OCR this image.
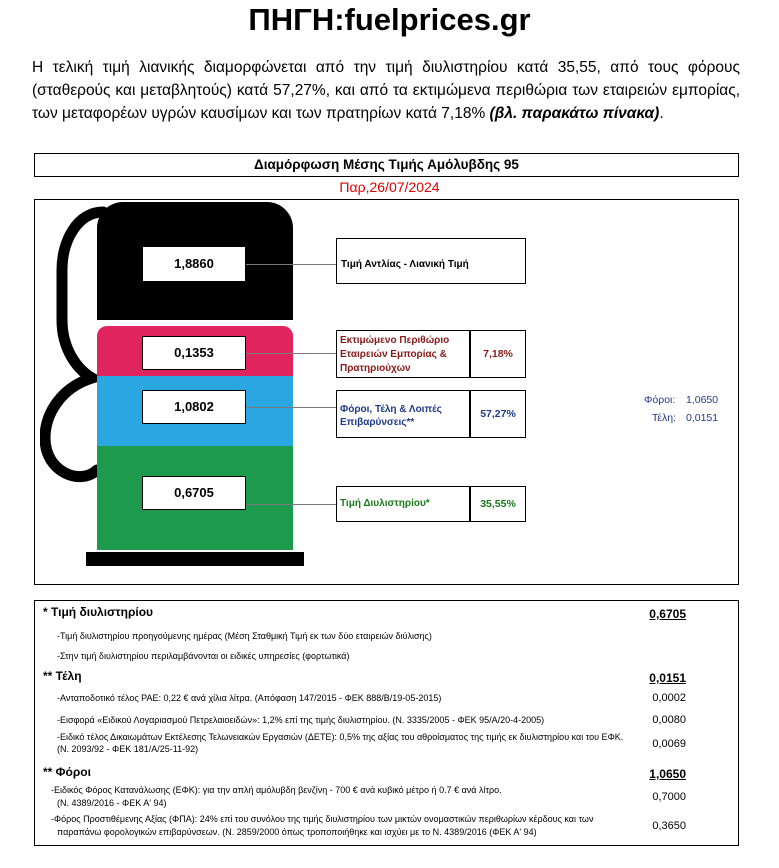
ΠΗΓΗ:fuelprices.gr
Η τελική τιμή λιανικής διαμορφώνεται από την τιμή διυλιστηρίου κατά 35,55, από τους φόρους (σταθερούς και μεταβλητούς) κατά 57,27%, και από τα εκτιμώμενα περιθώρια των εταιρειών εμπορίας, των μεταφορέων υγρών καυσίμων και των πρατηρίων κατά 7,18% (βλ. παρακάτω πίνακα).
Διαμόρφωση Μέσης Τιμής Αμόλυβδης 95
Παρ,26/07/2024
1,8860
0,1353
1,0802
0,6705
Τιμή Αντλίας - Λιανική Τιμή
Εκτιμώμενο Περιθώριο Εταιρειών Εμπορίας & Πρατηριούχων
7,18%
Φόροι, Τέλη & Λοιπές Επιβαρύνσεις**
57,27%
Τιμή Διυλιστηρίου*	35,55%
Φόροι: 1,0650
Τέλη: 0,0151
* Τιμή διυλιστηρίου	0,6705
-Τιμή διυλιστηρίου προηγούμενης ημέρας (Μέση Σταθμική Τιμή εκ των δύο εταιρειών διύλισης)
-Στην τιμή διυλιστηρίου περιλαμβάνονται οι ειδικές υπηρεσίες (φορτωτικά)
** Τέλη	0,0151
-Ανταποδοτικό τέλος ΡΑΕ: 0,22 € ανά χίλια λίτρα. (Απόφαση 147/2015 - ΦΕΚ 888/Β/19-05-2015)	0,0002
-Εισφορά «Ειδικού Λογαριασμού Πετρελαιοειδών»: 1,2% επί της τιμής διυλιστηρίου. (Ν. 3335/2005 - ΦΕΚ 95/Α/20-4-2005)	0,0080
-Ειδικό τέλος Δικαιωμάτων Εκτέλεσης Τελωνειακών Εργασιών (ΔΕΤΕ): 0,5% της αξίας του αθροίσματος της τιμής εκ διυλιστηρίου και του ΕΦΚ.
(Ν. 2093/92 - ΦΕΚ 181/Α/25-11-92)	0,0069
** Φόροι	1,0650
-Ειδικός Φόρος Κατανάλωσης (ΕΦΚ): για την απλή αμόλυβδη βενζίνη - 700 € ανά κυβικό μέτρο ή 0.7 € ανά λίτρο.
(Ν. 4389/2016 - ΦΕΚ Α' 94)	0,7000
-Φόρος Προστιθέμενης Αξίας (ΦΠΑ): 24% επί του συνόλου της τιμής διυλιστηρίου των μικτών ονομαστικών περιθωρίων κέρδους και των
παραπάνω φορολογικών επιβαρύνσεων. (Ν. 2859/2000 όπως τροποποιήθηκε και ισχύει με το Ν. 4389/2016 (ΦΕΚ Α' 94)	0,3650
